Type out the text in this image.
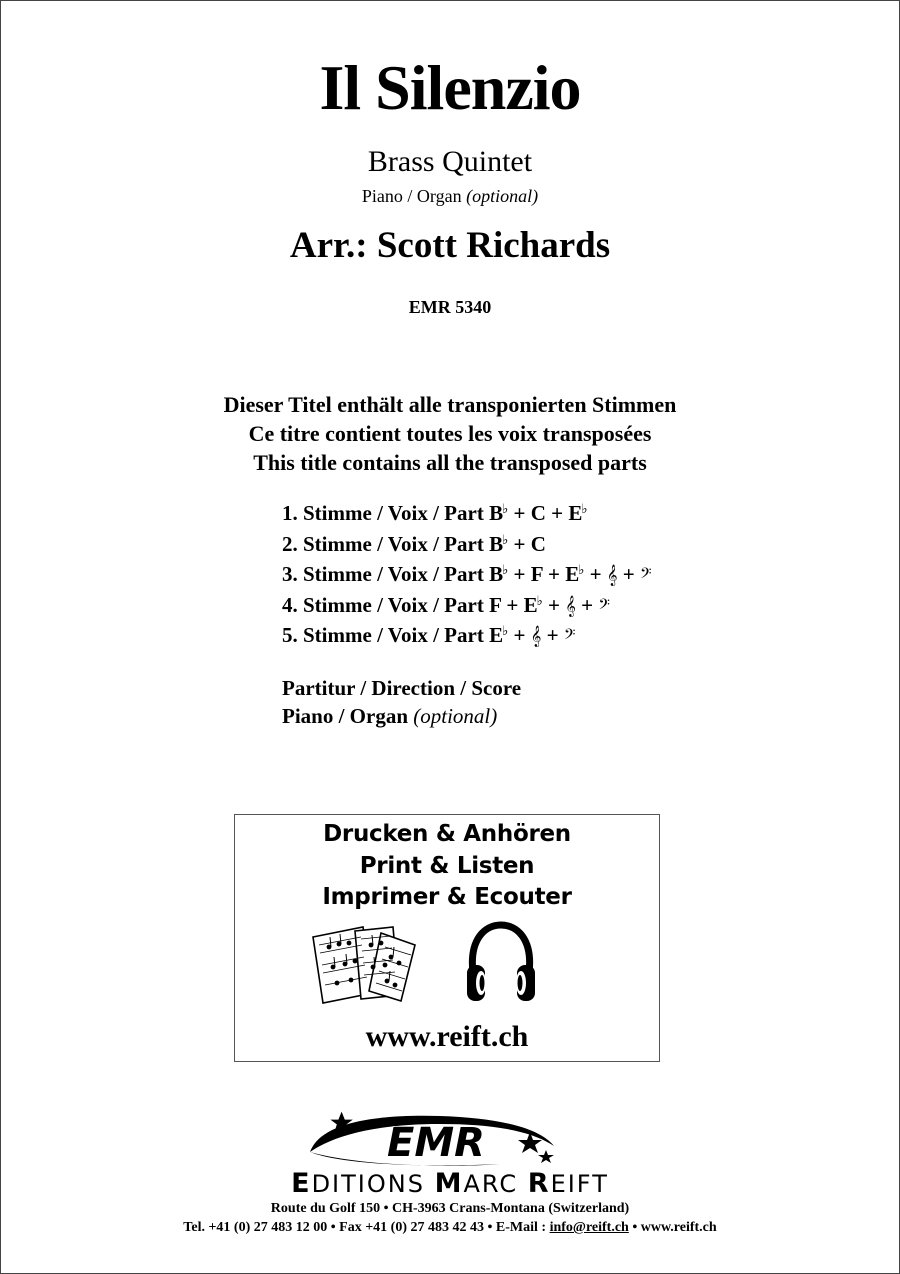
Il Silenzio
Brass Quintet
Piano / Organ (optional)
Arr.: Scott Richards
EMR 5340
Dieser Titel enthält alle transponierten Stimmen
Ce titre contient toutes les voix transposées
This title contains all the transposed parts
1. Stimme / Voix / Part B♭ + C + E♭
2. Stimme / Voix / Part B♭ + C
3. Stimme / Voix / Part B♭ + F + E♭ + 𝄞 + 𝄢
4. Stimme / Voix / Part F + E♭ + 𝄞 + 𝄢
5. Stimme / Voix / Part E♭ + 𝄞 + 𝄢
Partitur / Direction / Score
Piano / Organ (optional)
Drucken & Anhören
Print & Listen
Imprimer & Ecouter
www.reift.ch
EMR
EDITIONS MARC REIFT
Route du Golf 150 • CH-3963 Crans-Montana (Switzerland)
Tel. +41 (0) 27 483 12 00 • Fax +41 (0) 27 483 42 43 • E-Mail : info@reift.ch • www.reift.ch
